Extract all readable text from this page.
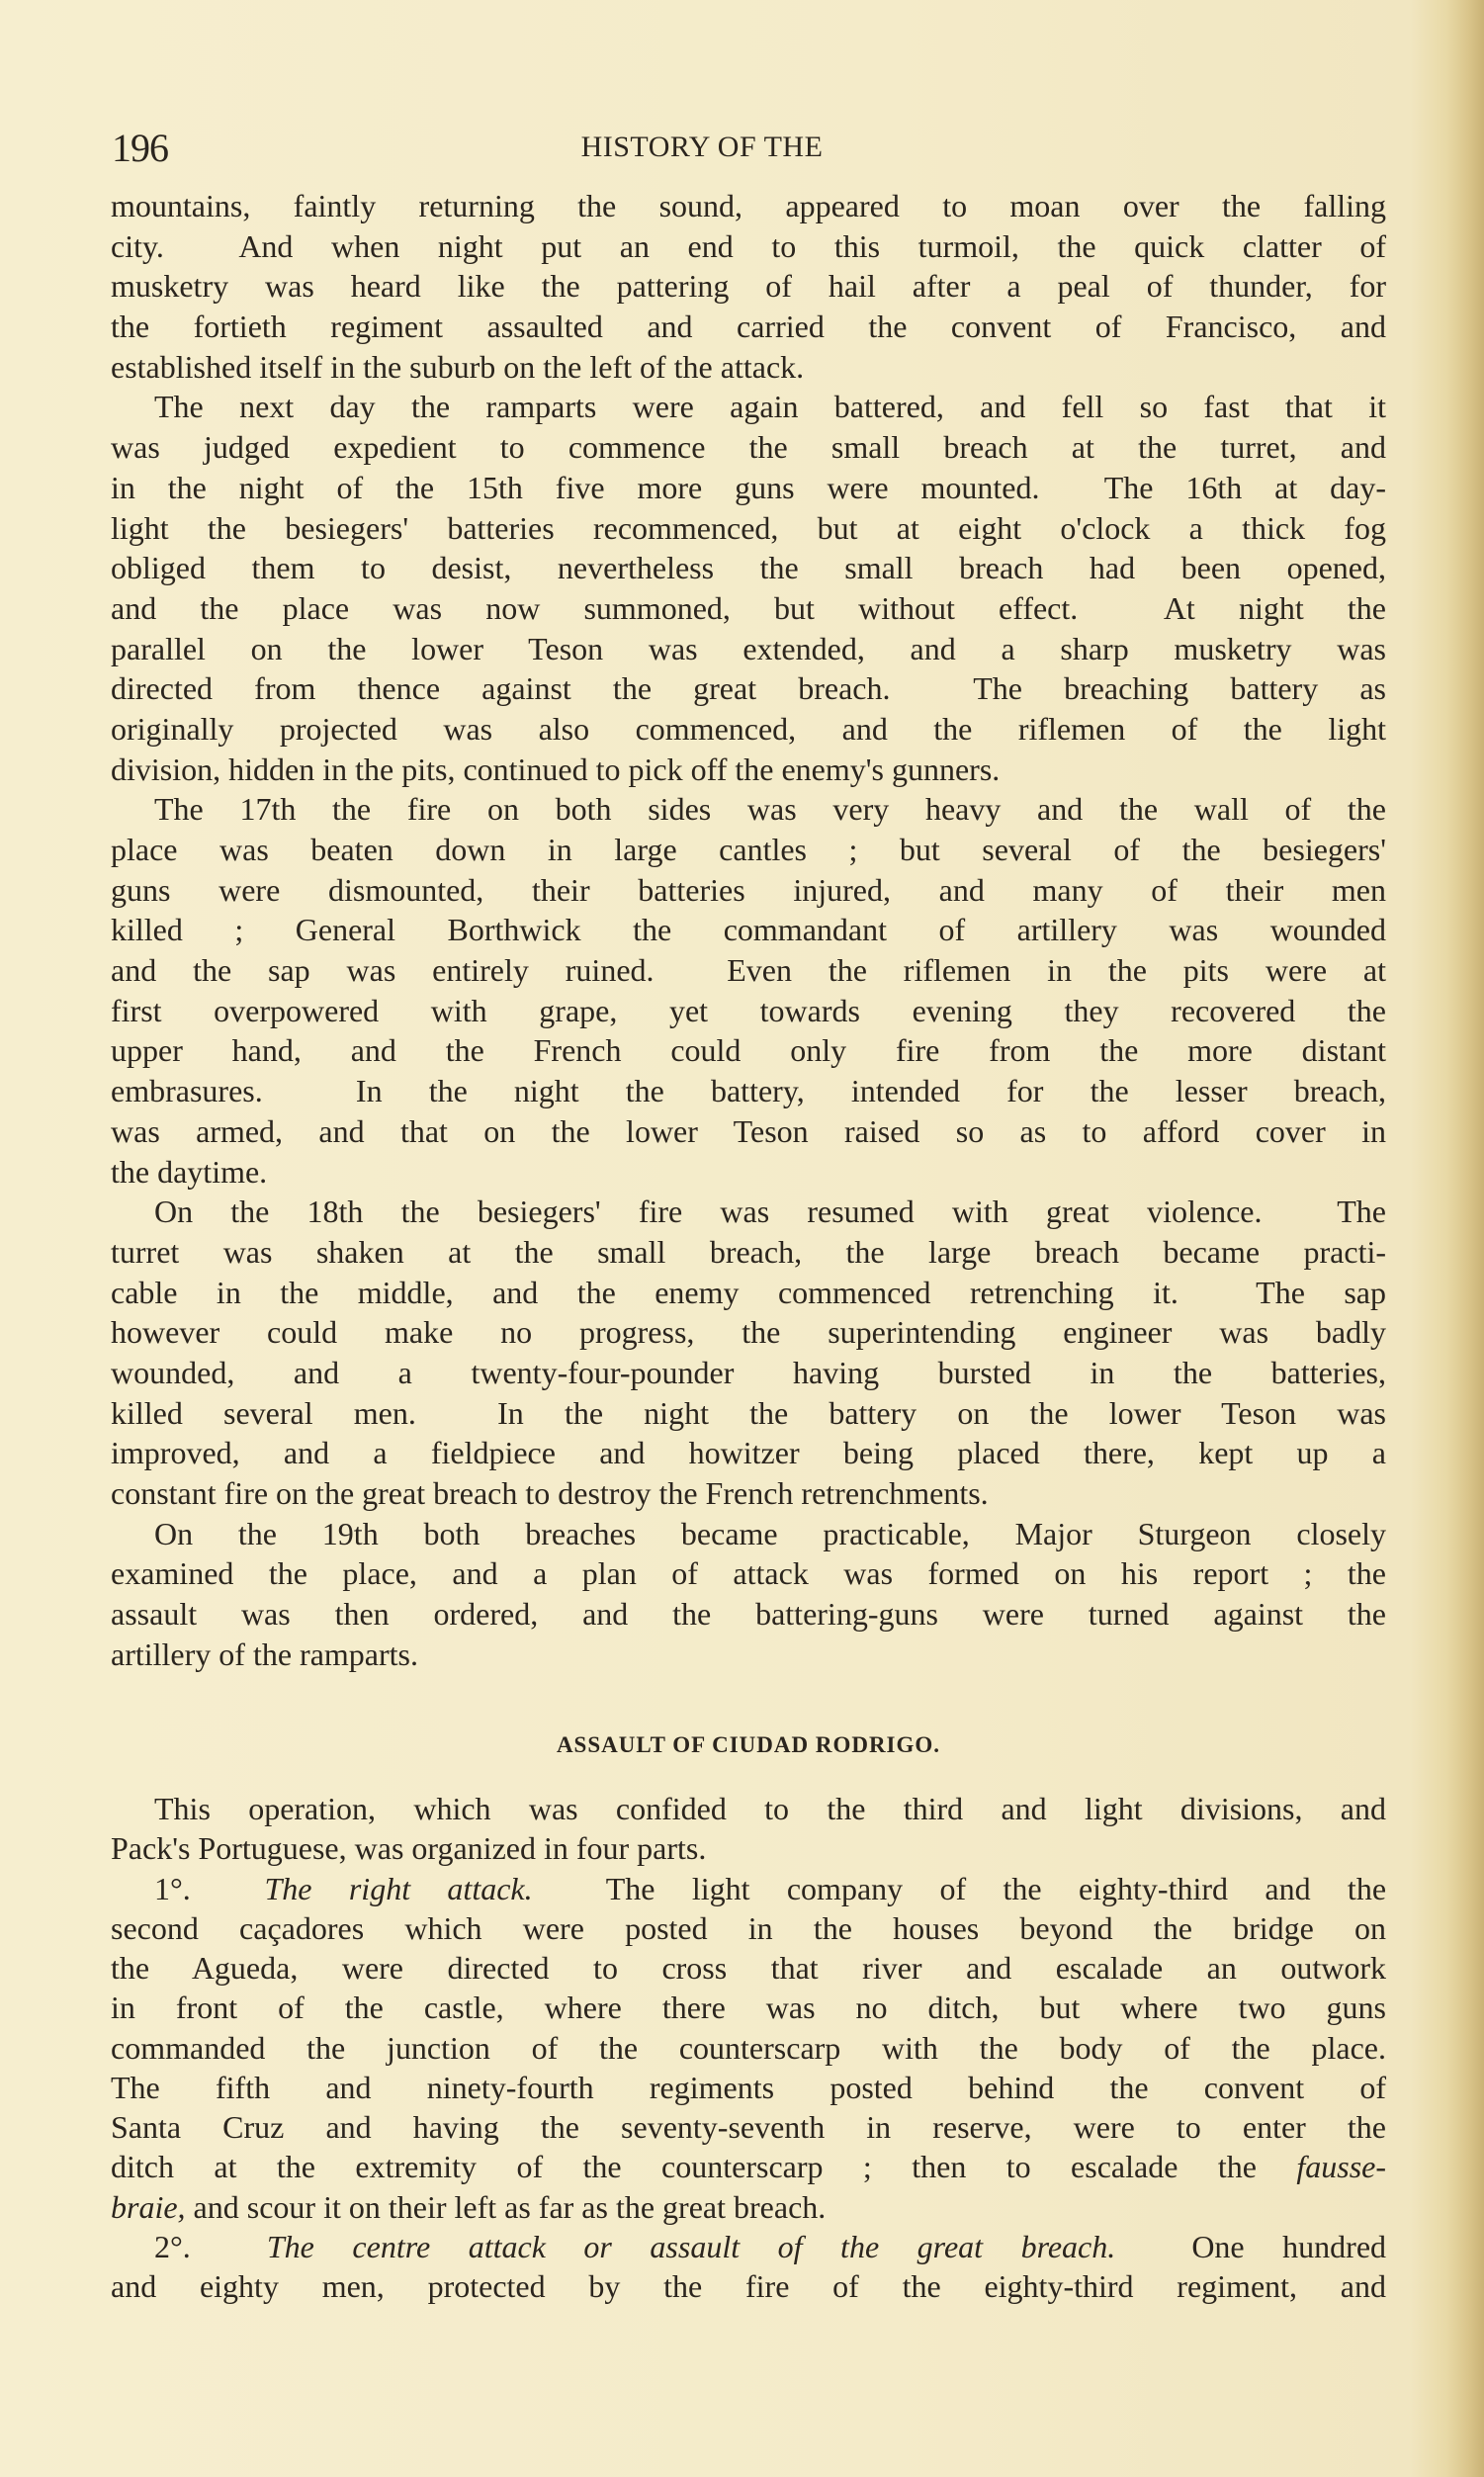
196	HISTORY OF THE
mountains, faintly returning the sound, appeared to moan over the falling
city.  And when night put an end to this turmoil, the quick clatter of
musketry was heard like the pattering of hail after a peal of thunder, for
the fortieth regiment assaulted and carried the convent of Francisco, and
established itself in the suburb on the left of the attack.
The next day the ramparts were again battered, and fell so fast that it
was judged expedient to commence the small breach at the turret, and
in the night of the 15th five more guns were mounted.  The 16th at day-
light the besiegers' batteries recommenced, but at eight o'clock a thick fog
obliged them to desist, nevertheless the small breach had been opened,
and the place was now summoned, but without effect.  At night the
parallel on the lower Teson was extended, and a sharp musketry was
directed from thence against the great breach.  The breaching battery as
originally projected was also commenced, and the riflemen of the light
division, hidden in the pits, continued to pick off the enemy's gunners.
The 17th the fire on both sides was very heavy and the wall of the
place was beaten down in large cantles ; but several of the besiegers'
guns were dismounted, their batteries injured, and many of their men
killed ; General Borthwick the commandant of artillery was wounded
and the sap was entirely ruined.  Even the riflemen in the pits were at
first overpowered with grape, yet towards evening they recovered the
upper hand, and the French could only fire from the more distant
embrasures.  In the night the battery, intended for the lesser breach,
was armed, and that on the lower Teson raised so as to afford cover in
the daytime.
On the 18th the besiegers' fire was resumed with great violence.  The
turret was shaken at the small breach, the large breach became practi-
cable in the middle, and the enemy commenced retrenching it.  The sap
however could make no progress, the superintending engineer was badly
wounded, and a twenty-four-pounder having bursted in the batteries,
killed several men.  In the night the battery on the lower Teson was
improved, and a fieldpiece and howitzer being placed there, kept up a
constant fire on the great breach to destroy the French retrenchments.
On the 19th both breaches became practicable, Major Sturgeon closely
examined the place, and a plan of attack was formed on his report ; the
assault was then ordered, and the battering-guns were turned against the
artillery of the ramparts.
ASSAULT OF CIUDAD RODRIGO.
This operation, which was confided to the third and light divisions, and
Pack's Portuguese, was organized in four parts.
1°.  The right attack.  The light company of the eighty-third and the
second caçadores which were posted in the houses beyond the bridge on
the Agueda, were directed to cross that river and escalade an outwork
in front of the castle, where there was no ditch, but where two guns
commanded the junction of the counterscarp with the body of the place.
The fifth and ninety-fourth regiments posted behind the convent of
Santa Cruz and having the seventy-seventh in reserve, were to enter the
ditch at the extremity of the counterscarp ; then to escalade the fausse-
braie, and scour it on their left as far as the great breach.
2°.  The centre attack or assault of the great breach.  One hundred
and eighty men, protected by the fire of the eighty-third regiment, and
